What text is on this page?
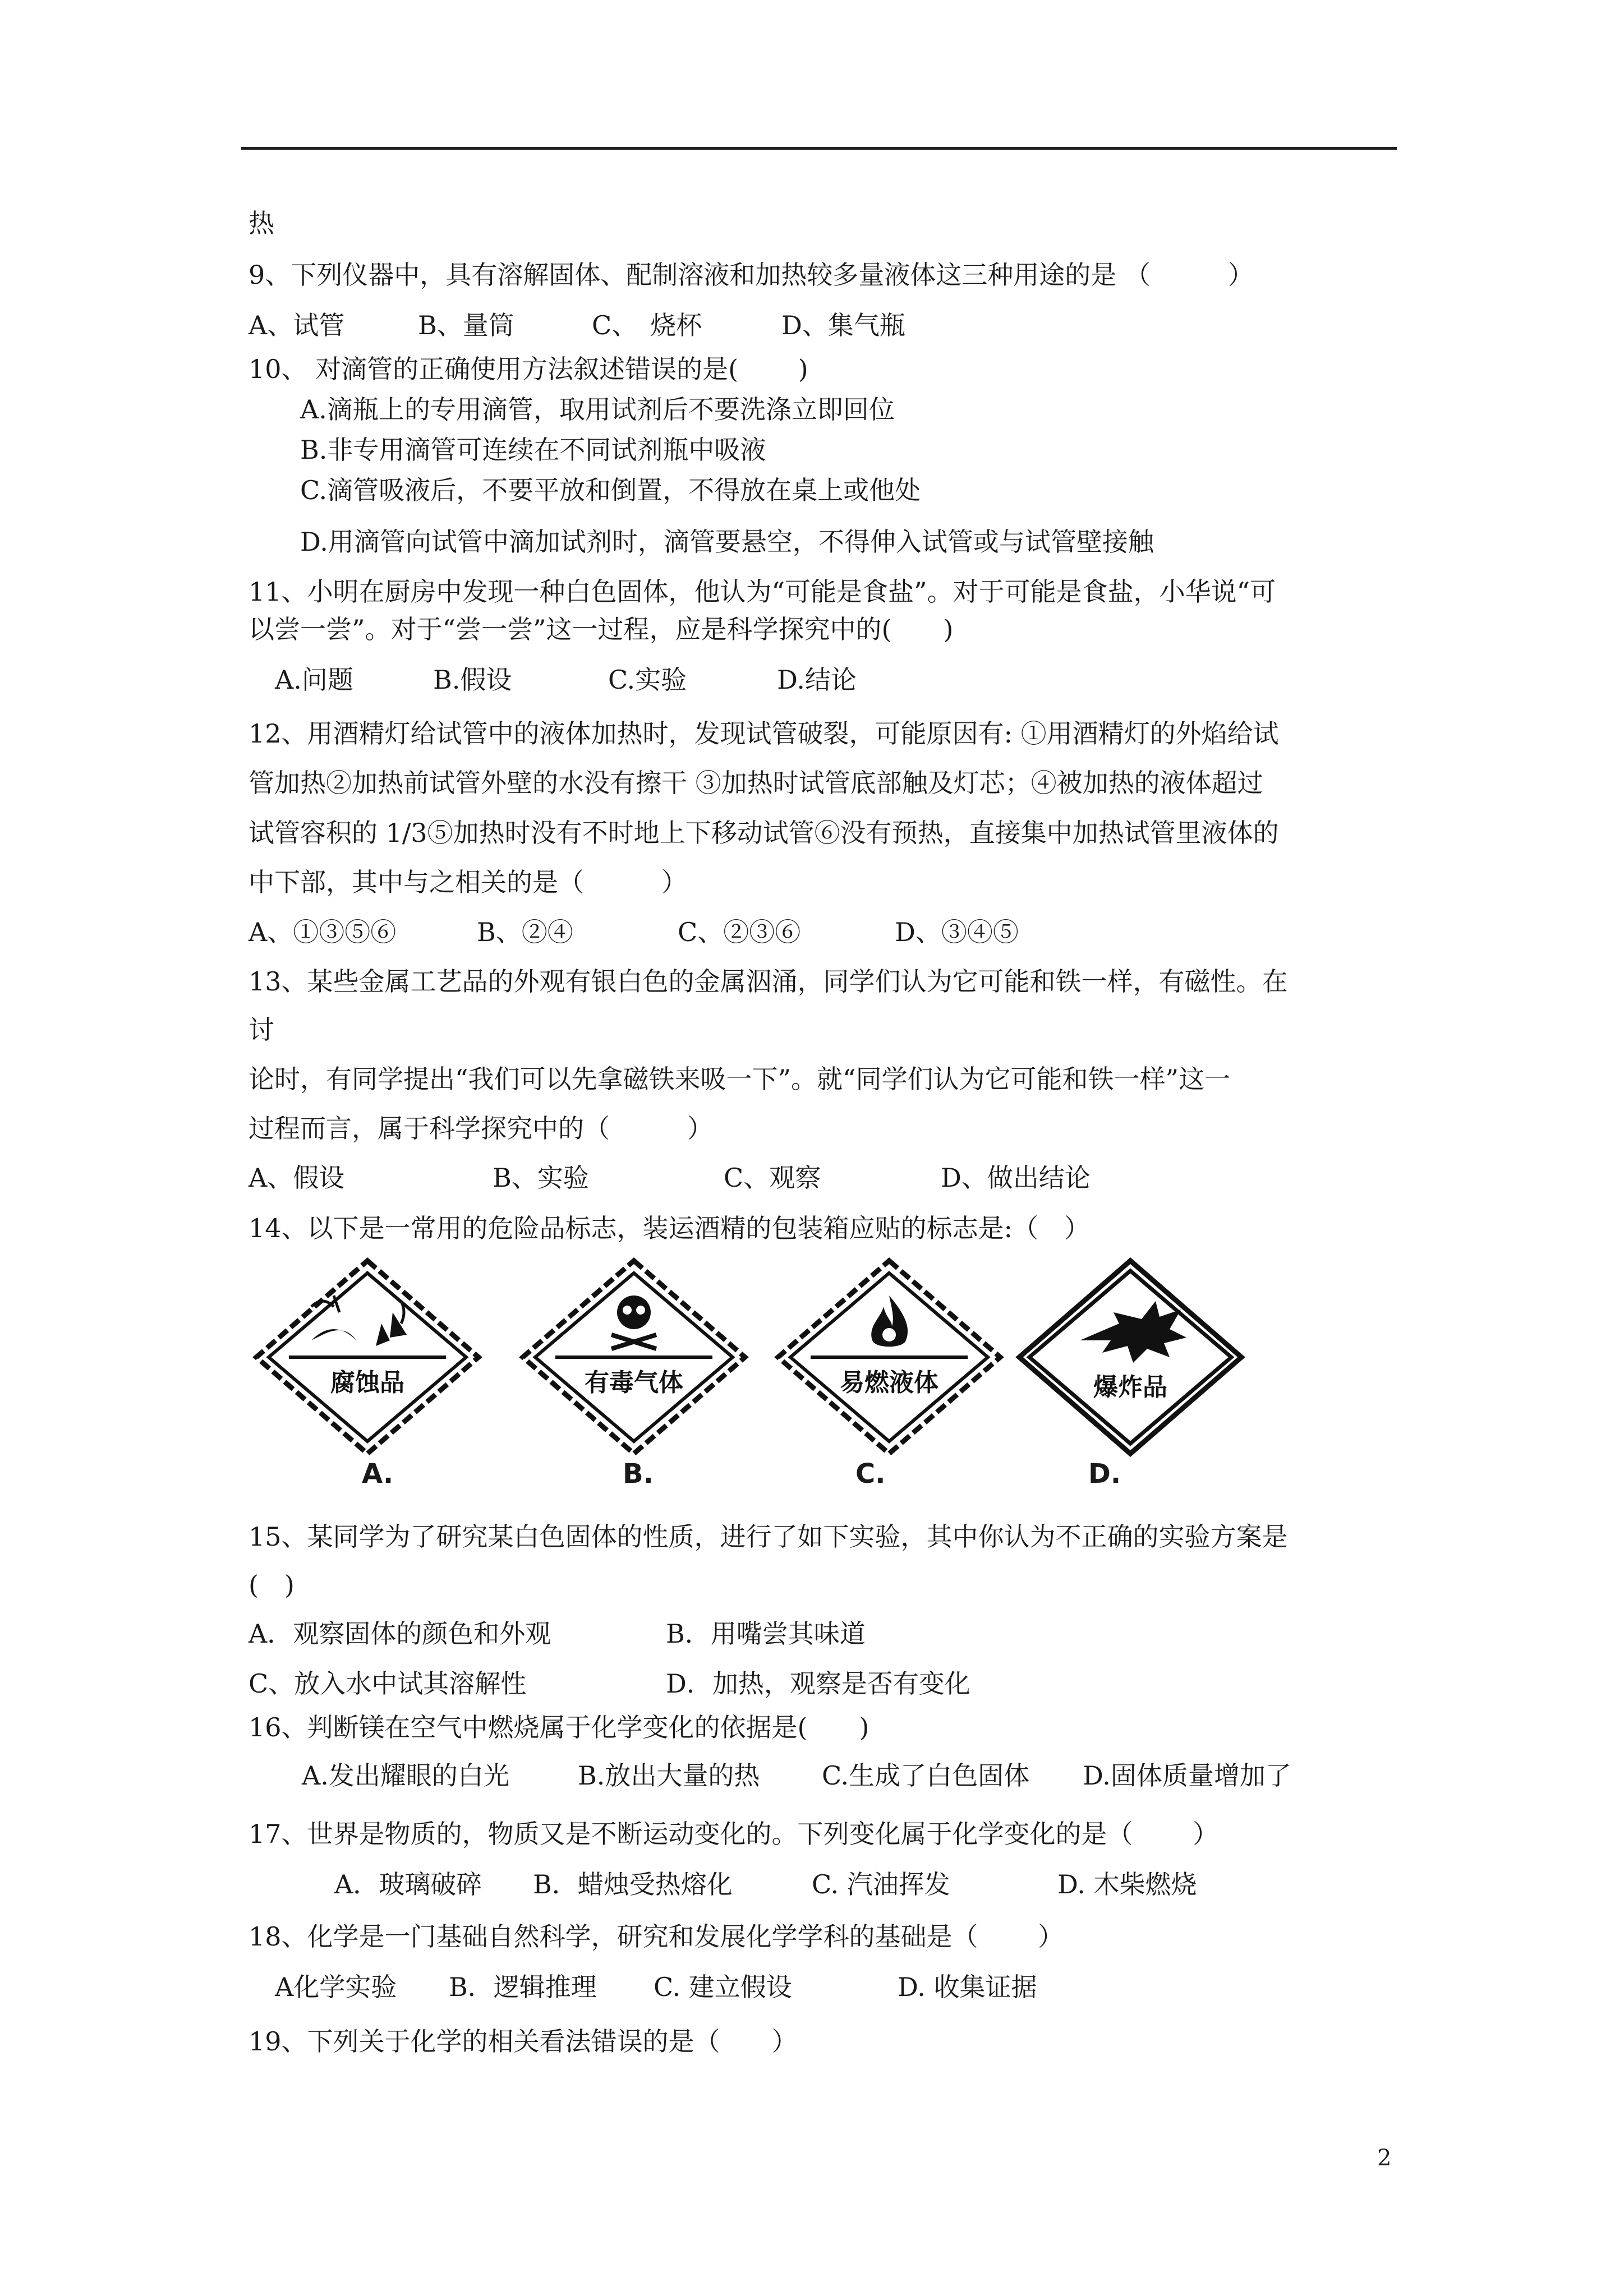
热
9、下列仪器中，具有溶解固体、配制溶液和加热较多量液体这三种用途的是 （　　　）
10、 对滴管的正确使用方法叙述错误的是(　　 )
　　A.滴瓶上的专用滴管，取用试剂后不要洗涤立即回位
　　B.非专用滴管可连续在不同试剂瓶中吸液
　　C.滴管吸液后，不要平放和倒置，不得放在桌上或他处
　　D.用滴管向试管中滴加试剂时，滴管要悬空，不得伸入试管或与试管壁接触
11、小明在厨房中发现一种白色固体，他认为“可能是食盐”。对于可能是食盐，小华说“可
以尝一尝”。对于“尝一尝”这一过程，应是科学探究中的(　　)
12、用酒精灯给试管中的液体加热时，发现试管破裂，可能原因有: ①用酒精灯的外焰给试
管加热②加热前试管外壁的水没有擦干 ③加热时试管底部触及灯芯；④被加热的液体超过
试管容积的 1/3⑤加热时没有不时地上下移动试管⑥没有预热，直接集中加热试管里液体的
中下部，其中与之相关的是（　　　）
13、某些金属工艺品的外观有银白色的金属泅涌，同学们认为它可能和铁一样，有磁性。在
讨
论时，有同学提出“我们可以先拿磁铁来吸一下”。就“同学们认为它可能和铁一样”这一
过程而言，属于科学探究中的（　　　）
14、以下是一常用的危险品标志，装运酒精的包装箱应贴的标志是:（　）
15、某同学为了研究某白色固体的性质，进行了如下实验，其中你认为不正确的实验方案是
(　)
16、判断镁在空气中燃烧属于化学变化的依据是(　　)
17、世界是物质的，物质又是不断运动变化的。下列变化属于化学变化的是（　　 ）
18、化学是一门基础自然科学，研究和发展化学学科的基础是（　　 ）
19、下列关于化学的相关看法错误的是（　　）
A、试管	B、量筒	C、　烧杯	D、集气瓶
A.问题	B.假设	C.实验	D.结论
A、①③⑤⑥	B、②④	C、②③⑥	D、③④⑤
A、假设	B、实验	C、观察	D、做出结论
A．观察固体的颜色和外观	B．用嘴尝其味道
C、放入水中试其溶解性	D．加热，观察是否有变化
A.发出耀眼的白光	B.放出大量的热 C.生成了白色固体 D.固体质量增加了
A．玻璃破碎 B．蜡烛受热熔化	C. 汽油挥发	D. 木柴燃烧
A化学实验 B．逻辑推理 C. 建立假设	D. 收集证据
腐蚀品	有毒气体	易燃液体	爆炸品
A.	B.	C.	D.
2
